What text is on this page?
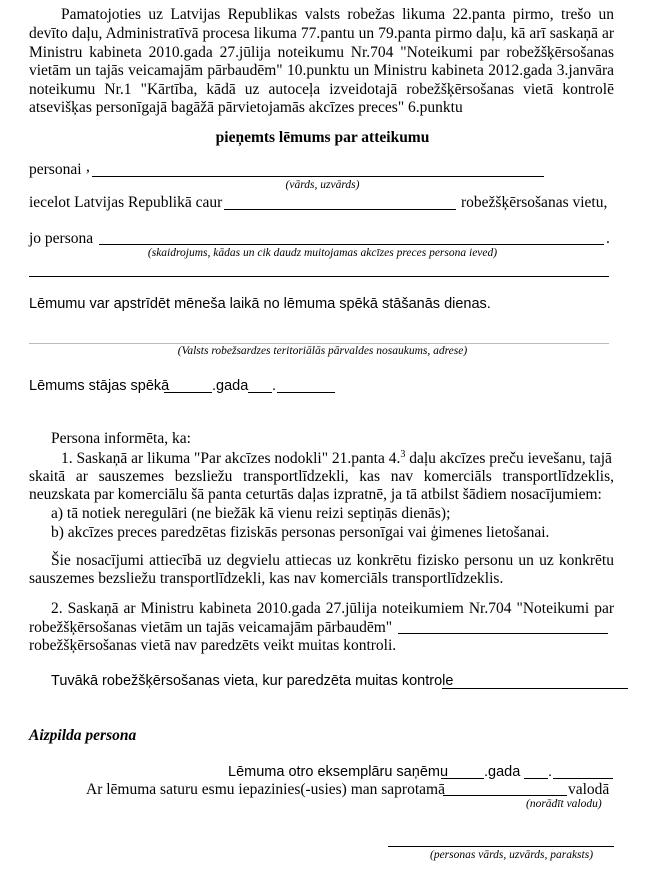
Pamatojoties uz Latvijas Republikas valsts robežas likuma 22.panta pirmo, trešo un
devīto daļu, Administratīvā procesa likuma 77.pantu un 79.panta pirmo daļu, kā arī saskaņā ar
Ministru kabineta 2010.gada 27.jūlija noteikumu Nr.704 "Noteikumi par robežšķērsošanas
vietām un tajās veicamajām pārbaudēm" 10.punktu un Ministru kabineta 2012.gada 3.janvāra
noteikumu Nr.1 "Kārtība, kādā uz autoceļa izveidotajā robežšķērsošanas vietā kontrolē
atsevišķas personīgajā bagāžā pārvietojamās akcīzes preces" 6.punktu
pieņemts lēmums par atteikumu
personai ,
(vārds, uzvārds)
iecelot Latvijas Republikā caur	robežšķērsošanas vietu,
jo persona	.
(skaidrojums, kādas un cik daudz muitojamas akcīzes preces persona ieved)
Lēmumu var apstrīdēt mēneša laikā no lēmuma spēkā stāšanās dienas.
(Valsts robežsardzes teritoriālās pārvaldes nosaukums, adrese)
Lēmums stājas spēkā	.gada .
Persona informēta, ka:
1. Saskaņā ar likuma "Par akcīzes nodokli" 21.panta 4.$^3$ daļu akcīzes preču ievešanu, tajā
skaitā ar sauszemes bezsliežu transportlīdzekli, kas nav komerciāls transportlīdzeklis,
neuzskata par komerciālu šā panta ceturtās daļas izpratnē, ja tā atbilst šādiem nosacījumiem:
a) tā notiek neregulāri (ne biežāk kā vienu reizi septiņās dienās);
b) akcīzes preces paredzētas fiziskās personas personīgai vai ģimenes lietošanai.
Šie nosacījumi attiecībā uz degvielu attiecas uz konkrētu fizisko personu un uz konkrētu
sauszemes bezsliežu transportlīdzekli, kas nav komerciāls transportlīdzeklis.
2. Saskaņā ar Ministru kabineta 2010.gada 27.jūlija noteikumiem Nr.704 "Noteikumi par
robežšķērsošanas vietām un tajās veicamajām pārbaudēm"
robežšķērsošanas vietā nav paredzēts veikt muitas kontroli.
Tuvākā robežšķērsošanas vieta, kur paredzēta muitas kontrole
Aizpilda persona
Lēmuma otro eksemplāru saņēmu .gada .
Ar lēmuma saturu esmu iepazinies(-usies) man saprotamā	valodā
(norādīt valodu)
(personas vārds, uzvārds, paraksts)
